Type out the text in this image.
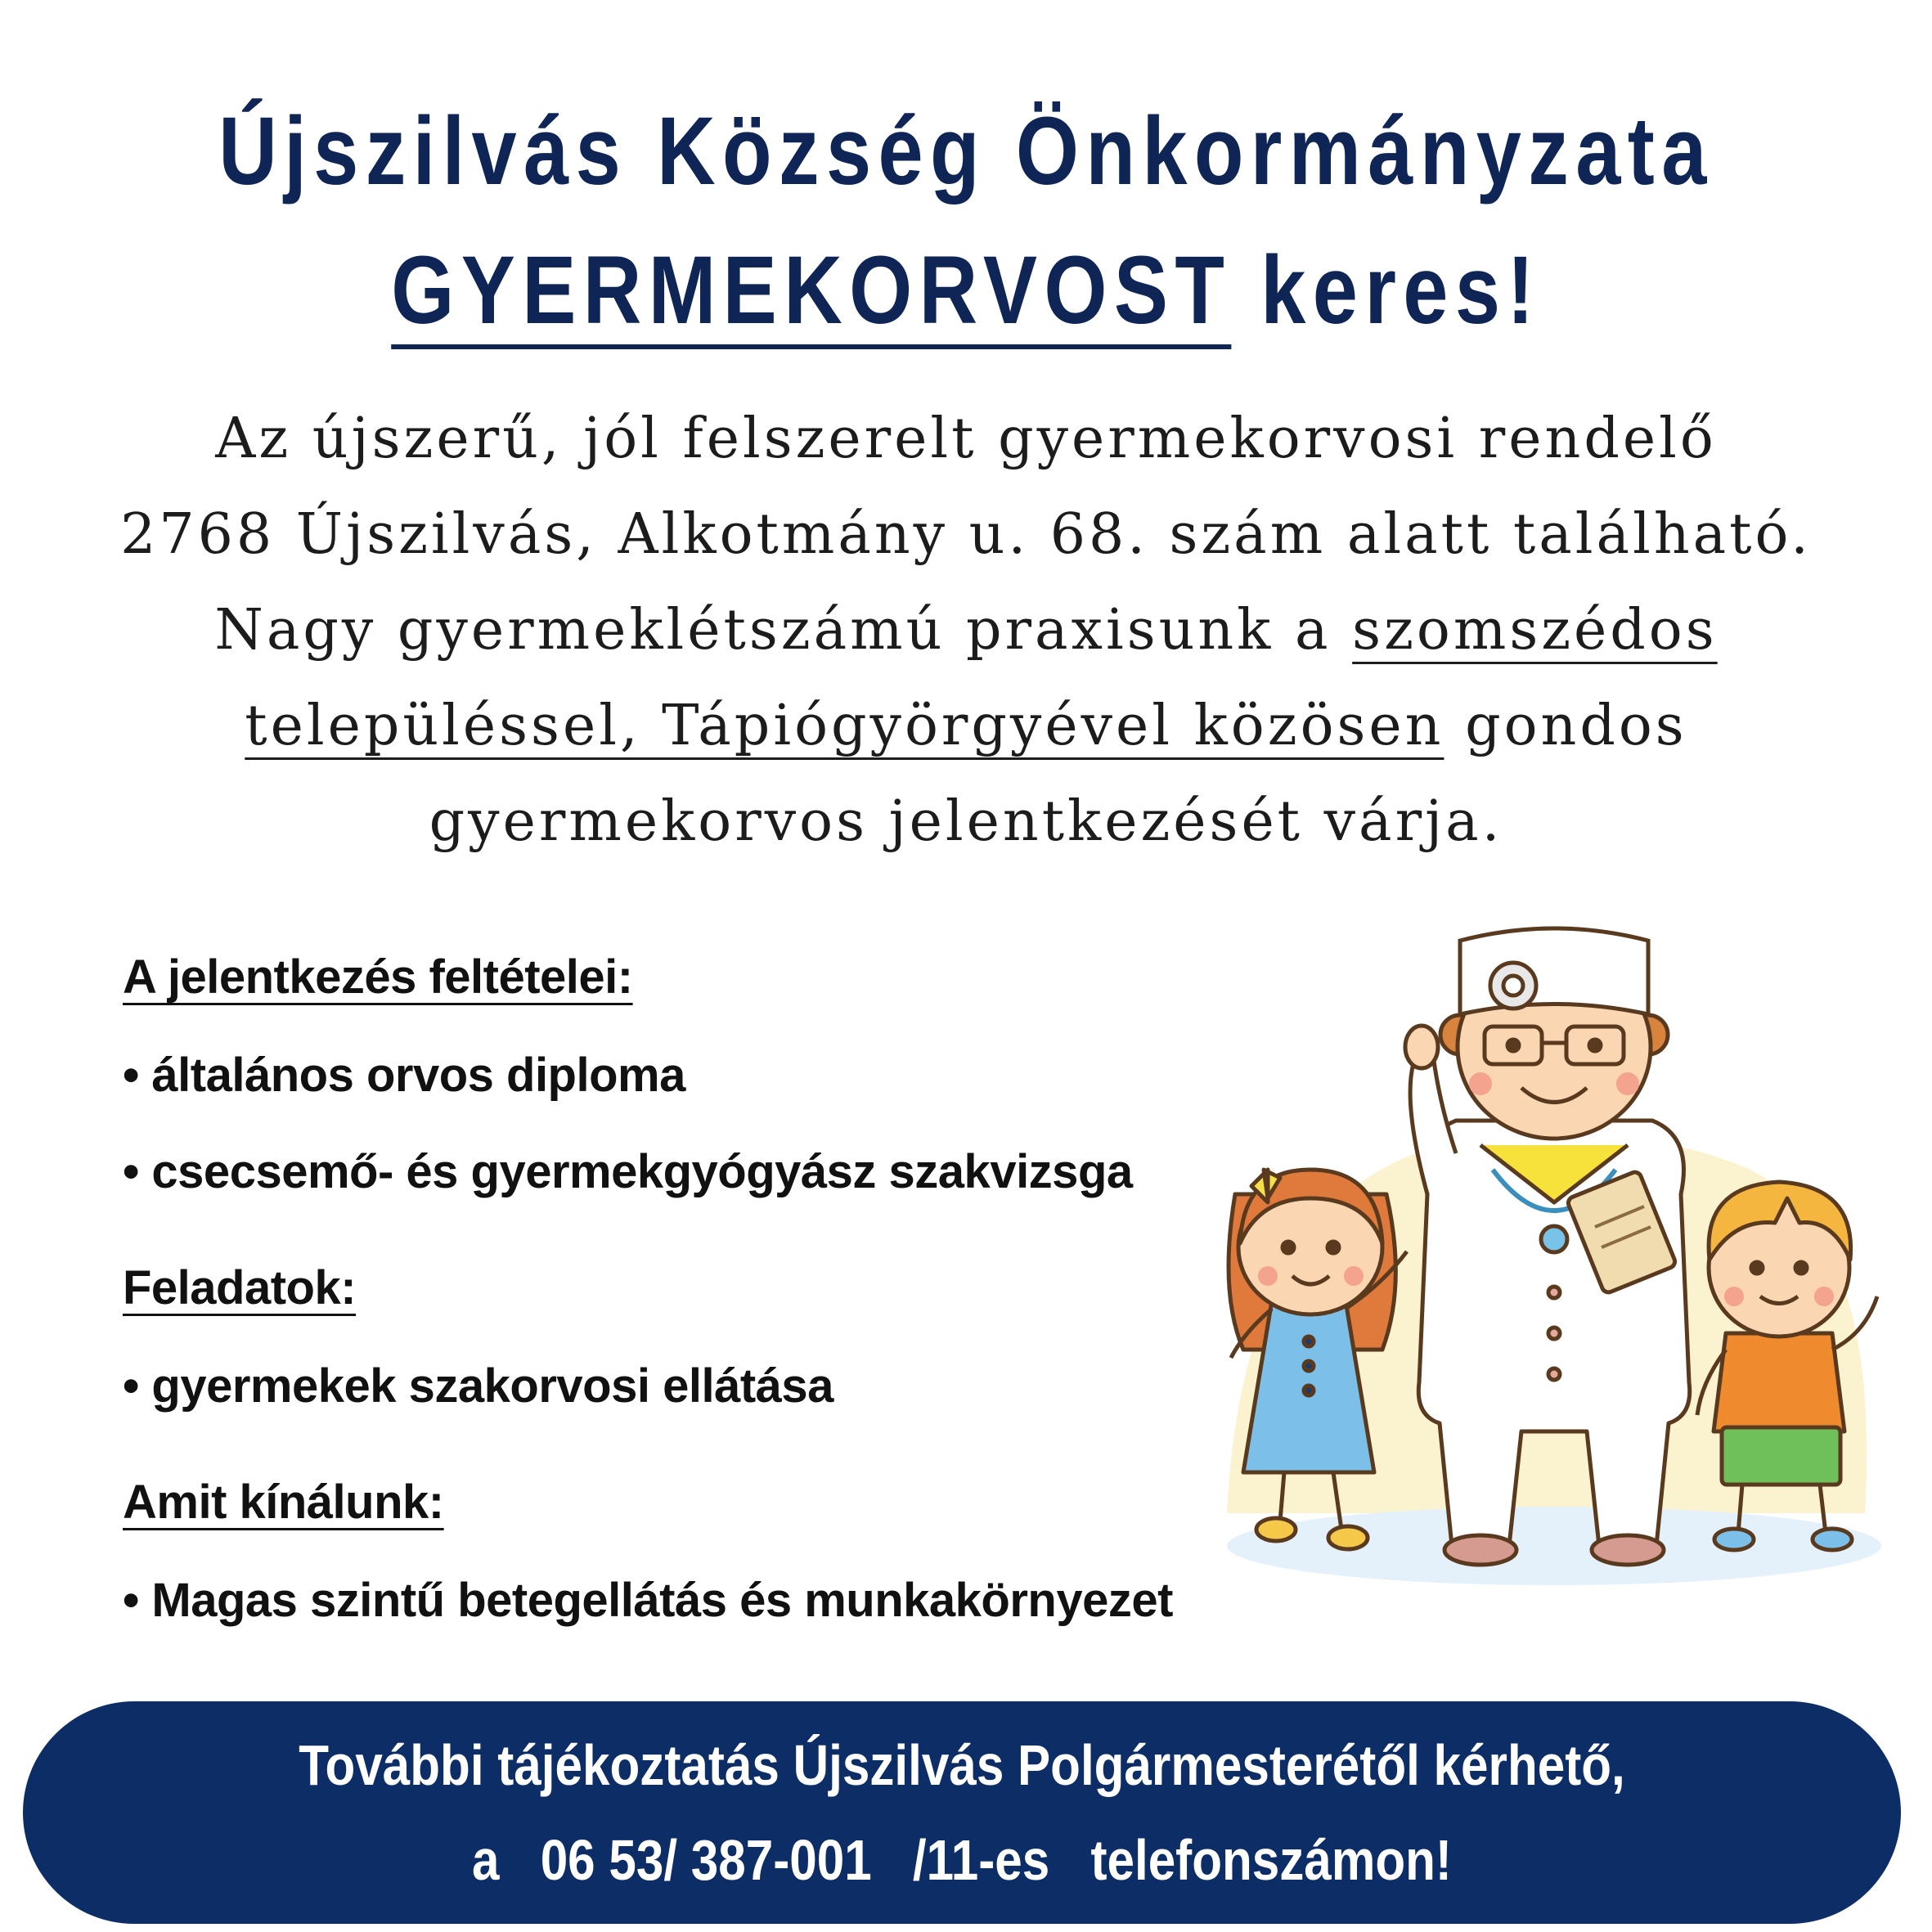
Újszilvás Község Önkormányzata
GYERMEKORVOST keres!
Az újszerű, jól felszerelt gyermekorvosi rendelő
2768 Újszilvás, Alkotmány u. 68. szám alatt található.
Nagy gyermeklétszámú praxisunk a szomszédos
településsel, Tápiógyörgyével közösen gondos
gyermekorvos jelentkezését várja.
A jelentkezés feltételei:
• általános orvos diploma
• csecsemő- és gyermekgyógyász szakvizsga
Feladatok:
• gyermekek szakorvosi ellátása
Amit kínálunk:
• Magas szintű betegellátás és munkakörnyezet
További tájékoztatás Újszilvás Polgármesterétől kérhető,
a   06 53/ 387-001   /11-es   telefonszámon!
